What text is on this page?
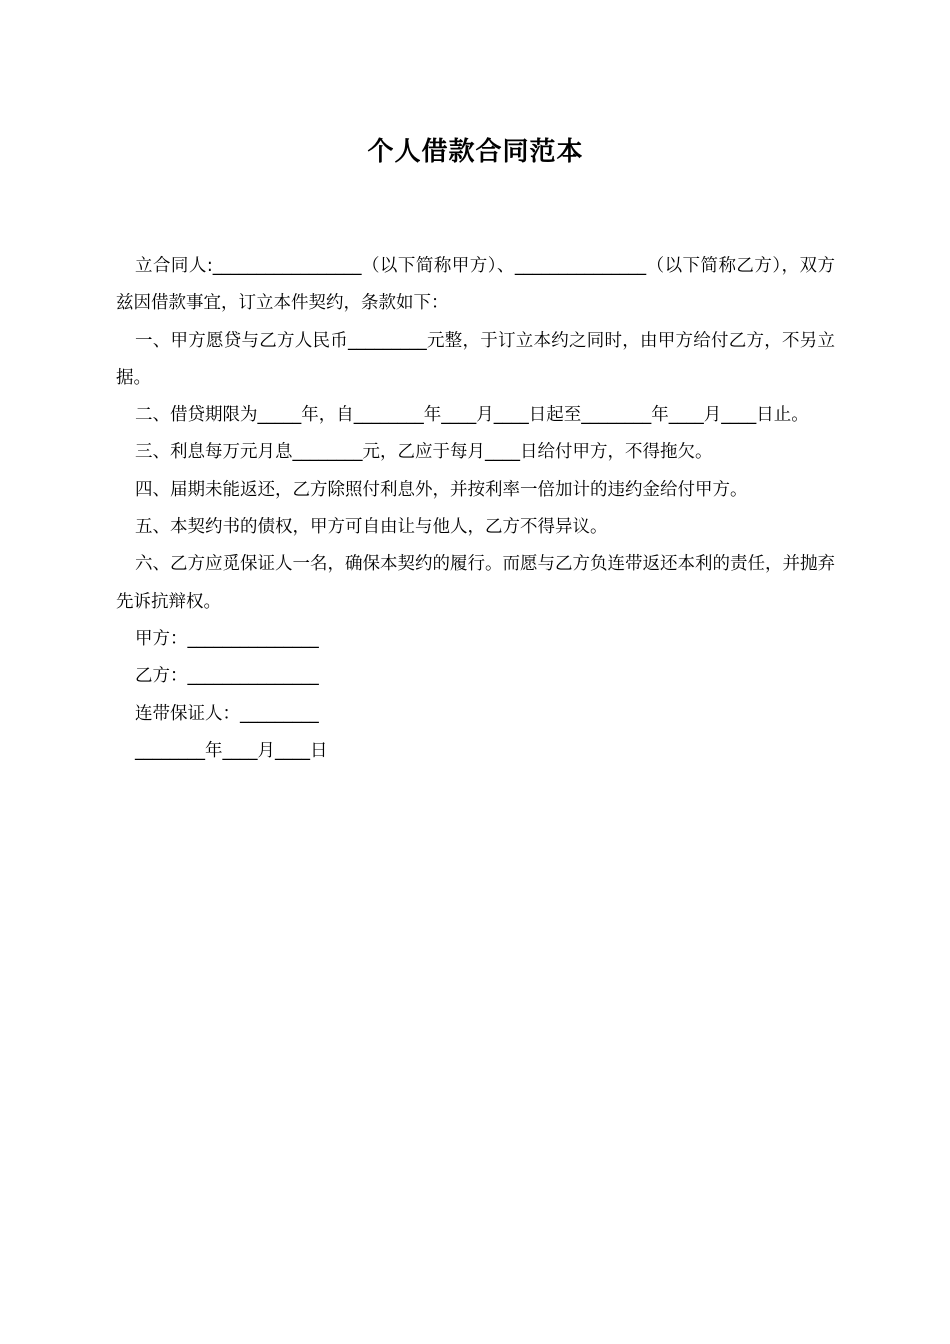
个人借款合同范本

立合同人:_________________（以下简称甲方）、_______________（以下简称乙方），双方兹因借款事宜，订立本件契约，条款如下：

一、甲方愿贷与乙方人民币_________元整，于订立本约之同时，由甲方给付乙方，不另立据。

二、借贷期限为_____年，自________年____月____日起至________年____月____日止。

三、利息每万元月息________元，乙应于每月____日给付甲方，不得拖欠。

四、届期未能返还，乙方除照付利息外，并按利率一倍加计的违约金给付甲方。

五、本契约书的债权，甲方可自由让与他人，乙方不得异议。

六、乙方应觅保证人一名，确保本契约的履行。而愿与乙方负连带返还本利的责任，并抛弃先诉抗辩权。

甲方：_______________

乙方：_______________

连带保证人：_________

________年____月____日
